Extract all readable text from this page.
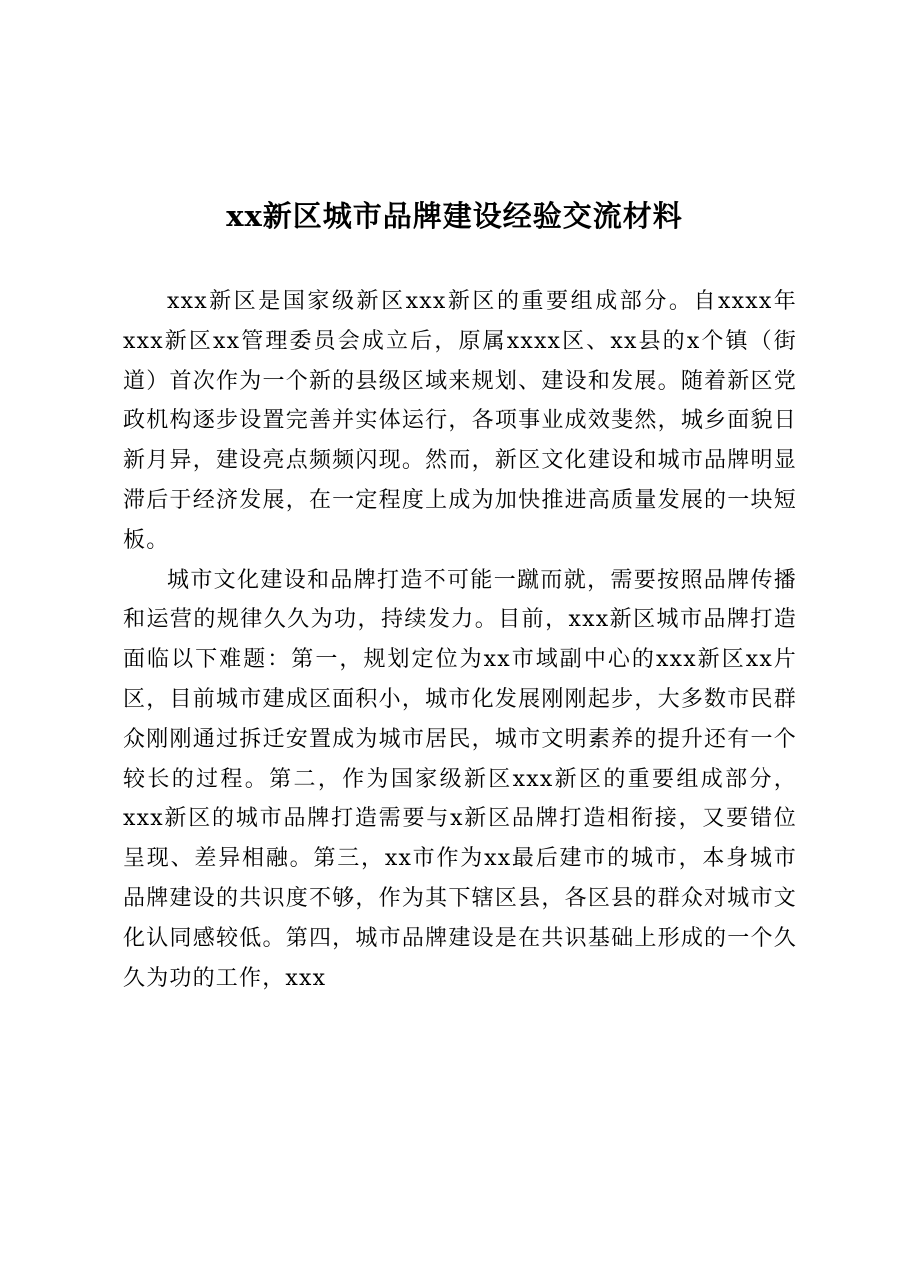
xx新区城市品牌建设经验交流材料

xxx新区是国家级新区xxx新区的重要组成部分。自xxxx年xxx新区xx管理委员会成立后，原属xxxx区、xx县的x个镇（街道）首次作为一个新的县级区域来规划、建设和发展。随着新区党政机构逐步设置完善并实体运行，各项事业成效斐然，城乡面貌日新月异，建设亮点频频闪现。然而，新区文化建设和城市品牌明显滞后于经济发展，在一定程度上成为加快推进高质量发展的一块短板。

城市文化建设和品牌打造不可能一蹴而就，需要按照品牌传播和运营的规律久久为功，持续发力。目前，xxx新区城市品牌打造面临以下难题：第一，规划定位为xx市域副中心的xxx新区xx片区，目前城市建成区面积小，城市化发展刚刚起步，大多数市民群众刚刚通过拆迁安置成为城市居民，城市文明素养的提升还有一个较长的过程。第二，作为国家级新区xxx新区的重要组成部分，xxx新区的城市品牌打造需要与x新区品牌打造相衔接，又要错位呈现、差异相融。第三，xx市作为xx最后建市的城市，本身城市品牌建设的共识度不够，作为其下辖区县，各区县的群众对城市文化认同感较低。第四，城市品牌建设是在共识基础上形成的一个久久为功的工作，xxx
